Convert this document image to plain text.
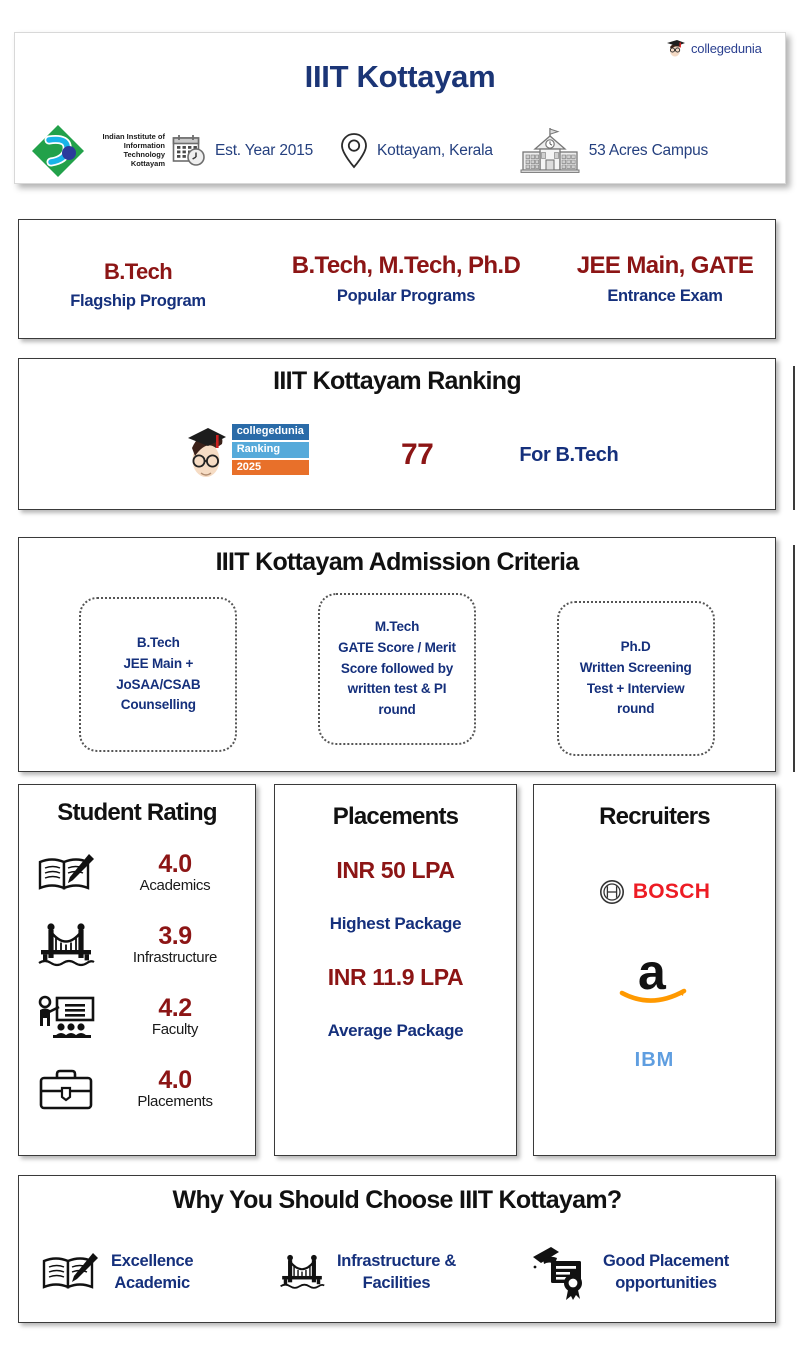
collegedunia
IIIT Kottayam
Indian Institute of
Information Technology
Kottayam
Est. Year 2015	Kottayam, Kerala	53 Acres Campus
B.Tech
Flagship Program
B.Tech, M.Tech, Ph.D
Popular Programs
JEE Main, GATE
Entrance Exam
IIIT Kottayam Ranking
collegedunia
Ranking
2025	77	For B.Tech
IIIT Kottayam Admission Criteria
B.Tech
JEE Main +
JoSAA/CSAB
Counselling
M.Tech
GATE Score / Merit
Score followed by
written test & PI
round
Ph.D
Written Screening
Test + Interview
round
Student Rating
4.0
Academics
3.9
Infrastructure
4.2
Faculty
4.0
Placements
Placements
INR 50 LPA
Highest Package
INR 11.9 LPA
Average Package
Recruiters
BOSCH
a
IBM
Why You Should Choose IIIT Kottayam?
Excellence
Academic
Infrastructure &
Facilities
Good Placement
opportunities
